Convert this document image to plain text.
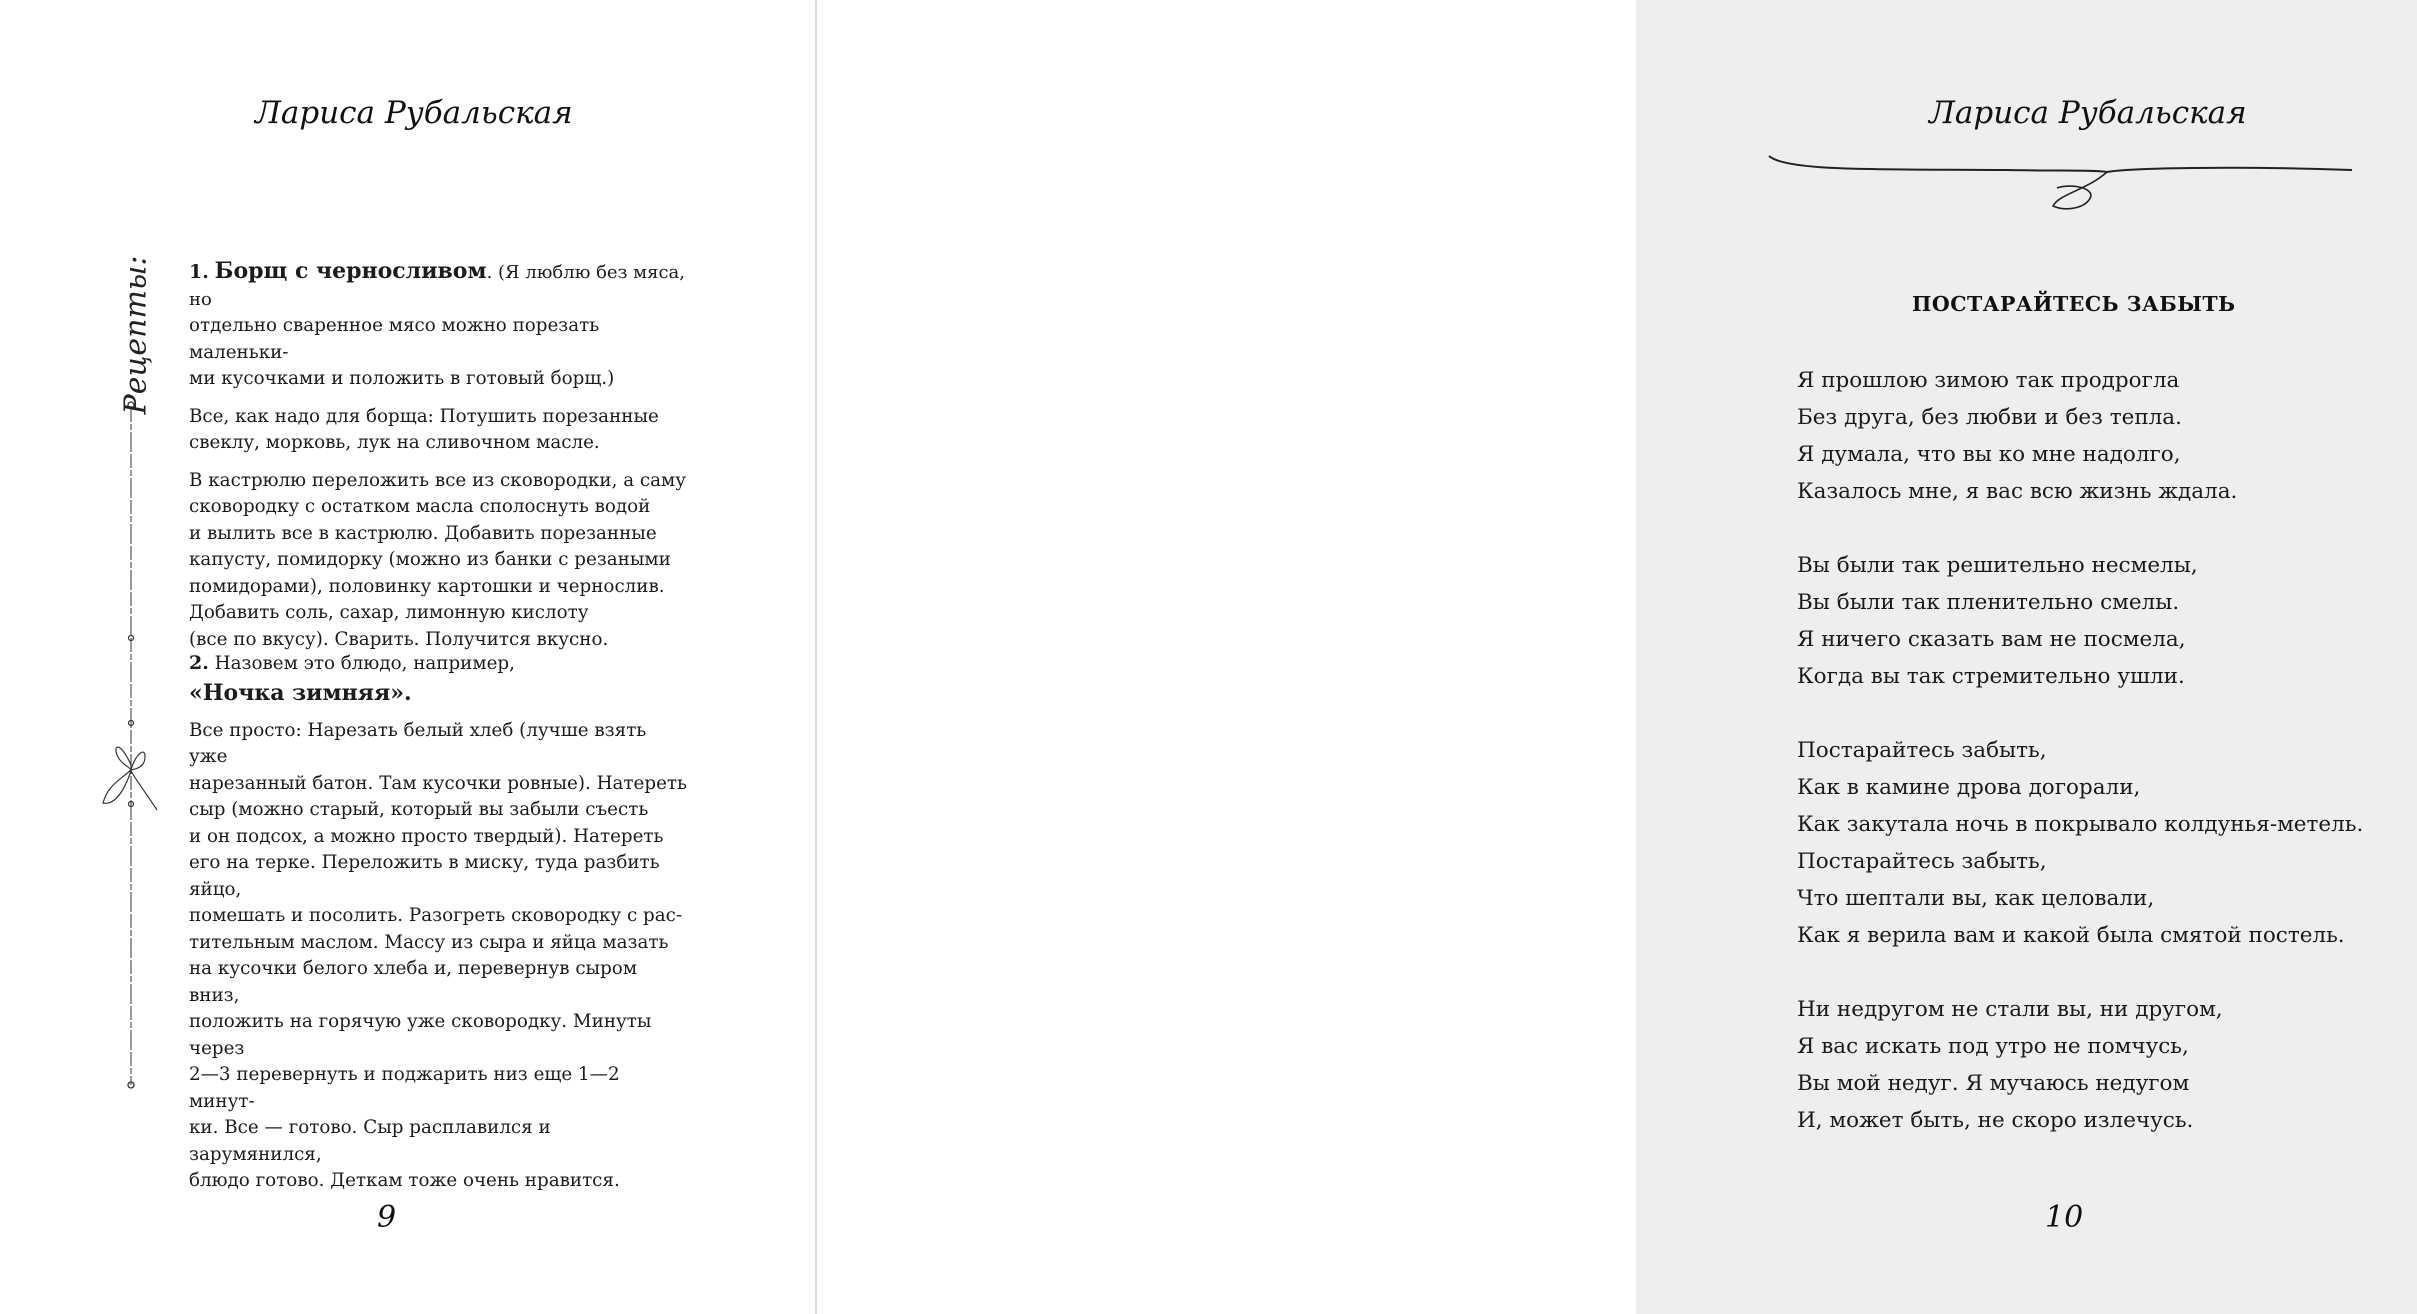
Лариса Рубальская
Рецепты: 1. Борщ с черносливом. (Я люблю без мяса, но
отдельно сваренное мясо можно порезать маленьки-
ми кусочками и положить в готовый борщ.)

Все, как надо для борща: Потушить порезанные
свеклу, морковь, лук на сливочном масле.

В кастрюлю переложить все из сковородки, а саму
сковородку с остатком масла сполоснуть водой
и вылить все в кастрюлю. Добавить порезанные
капусту, помидорку (можно из банки с резаными
помидорами), половинку картошки и чернослив.
Добавить соль, сахар, лимонную кислоту
(все по вкусу). Сварить. Получится вкусно.

2. Назовем это блюдо, например,
«Ночка зимняя».

Все просто: Нарезать белый хлеб (лучше взять уже
нарезанный батон. Там кусочки ровные). Натереть
сыр (можно старый, который вы забыли съесть
и он подсох, а можно просто твердый). Натереть
его на терке. Переложить в миску, туда разбить яйцо,
помешать и посолить. Разогреть сковородку с рас-
тительным маслом. Массу из сыра и яйца мазать
на кусочки белого хлеба и, перевернув сыром вниз,
положить на горячую уже сковородку. Минуты через
2—3 перевернуть и поджарить низ еще 1—2 минут-
ки. Все — готово. Сыр расплавился и зарумянился,
блюдо готово. Деткам тоже очень нравится.

9
Лариса Рубальская
ПОСТАРАЙТЕСЬ ЗАБЫТЬ
Я прошлою зимою так продрогла
Без друга, без любви и без тепла.
Я думала, что вы ко мне надолго,
Казалось мне, я вас всю жизнь ждала.
Вы были так решительно несмелы,
Вы были так пленительно смелы.
Я ничего сказать вам не посмела,
Когда вы так стремительно ушли.
Постарайтесь забыть,
Как в камине дрова догорали,
Как закутала ночь в покрывало колдунья-метель.
Постарайтесь забыть,
Что шептали вы, как целовали,
Как я верила вам и какой была смятой постель.
Ни недругом не стали вы, ни другом,
Я вас искать под утро не помчусь,
Вы мой недуг. Я мучаюсь недугом
И, может быть, не скоро излечусь.
10
